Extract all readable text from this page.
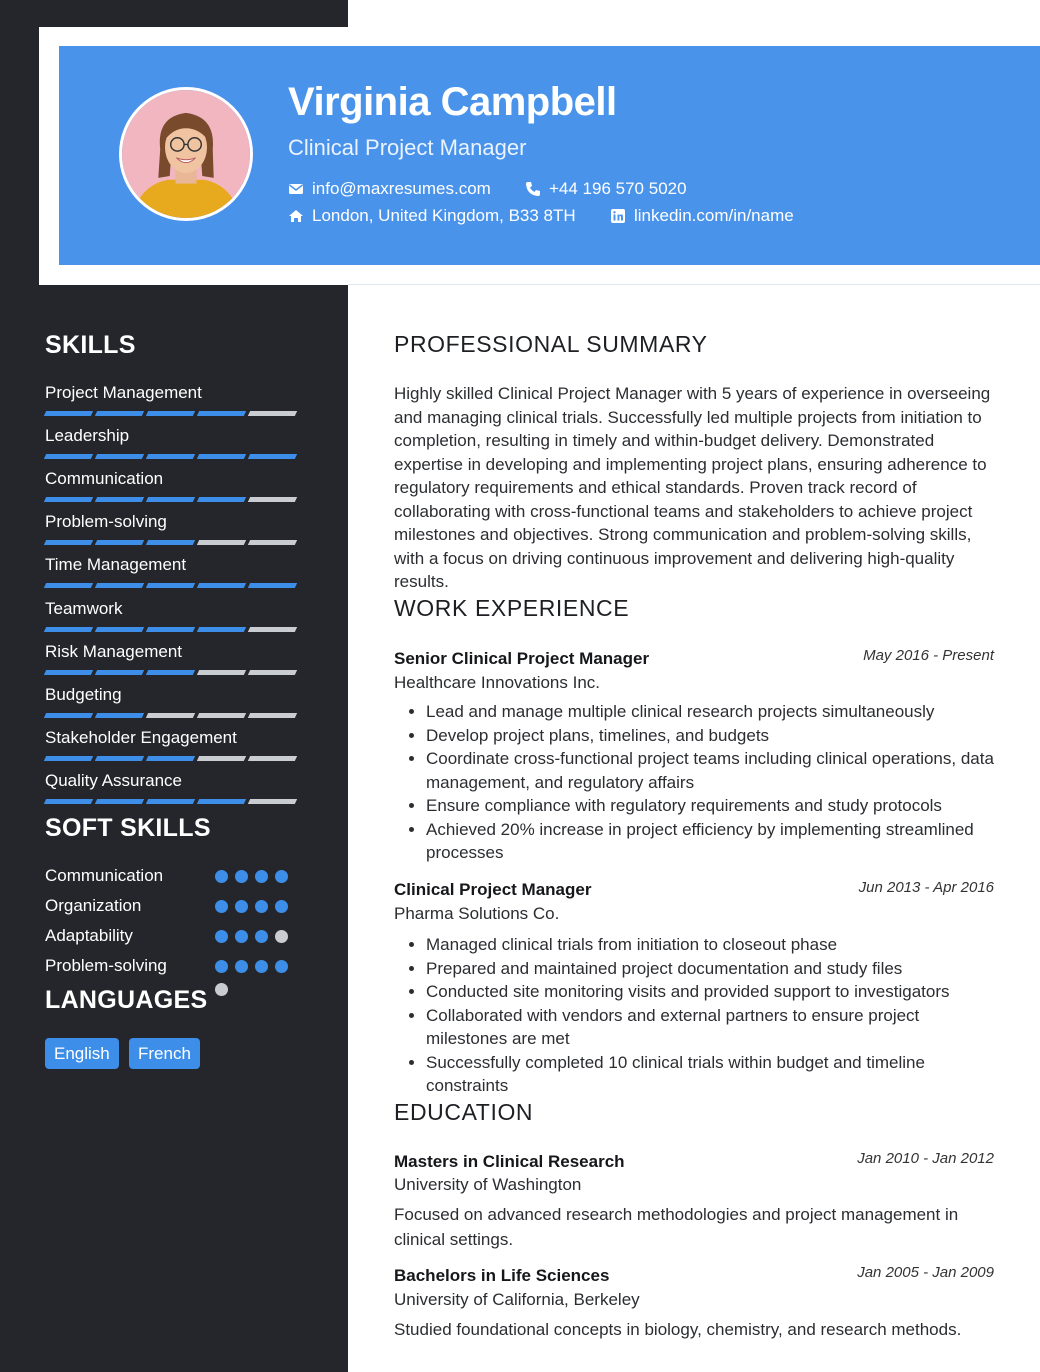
Virginia Campbell
Clinical Project Manager
info@maxresumes.com	+44 196 570 5020
London, United Kingdom, B33 8TH	linkedin.com/in/name
SKILLS
Project Management
Leadership
Communication
Problem-solving
Time Management
Teamwork
Risk Management
Budgeting
Stakeholder Engagement
Quality Assurance
SOFT SKILLS
Communication
Organization
Adaptability
Problem-solving
LANGUAGES
English	French
PROFESSIONAL SUMMARY

Highly skilled Clinical Project Manager with 5 years of experience in overseeing and managing clinical trials. Successfully led multiple projects from initiation to completion, resulting in timely and within-budget delivery. Demonstrated expertise in developing and implementing project plans, ensuring adherence to regulatory requirements and ethical standards. Proven track record of collaborating with cross-functional teams and stakeholders to achieve project milestones and objectives. Strong communication and problem-solving skills, with a focus on driving continuous improvement and delivering high-quality results.

WORK EXPERIENCE
Senior Clinical Project Manager	May 2016 - Present
Healthcare Innovations Inc.
• Lead and manage multiple clinical research projects simultaneously
• Develop project plans, timelines, and budgets
• Coordinate cross-functional project teams including clinical operations, data management, and regulatory affairs
• Ensure compliance with regulatory requirements and study protocols
• Achieved 20% increase in project efficiency by implementing streamlined processes
Clinical Project Manager	Jun 2013 - Apr 2016
Pharma Solutions Co.
• Managed clinical trials from initiation to closeout phase
• Prepared and maintained project documentation and study files
• Conducted site monitoring visits and provided support to investigators
• Collaborated with vendors and external partners to ensure project milestones are met
• Successfully completed 10 clinical trials within budget and timeline constraints
EDUCATION
Masters in Clinical Research	Jan 2010 - Jan 2012
University of Washington

Focused on advanced research methodologies and project management in clinical settings.

Bachelors in Life Sciences	Jan 2005 - Jan 2009
University of California, Berkeley

Studied foundational concepts in biology, chemistry, and research methods.
